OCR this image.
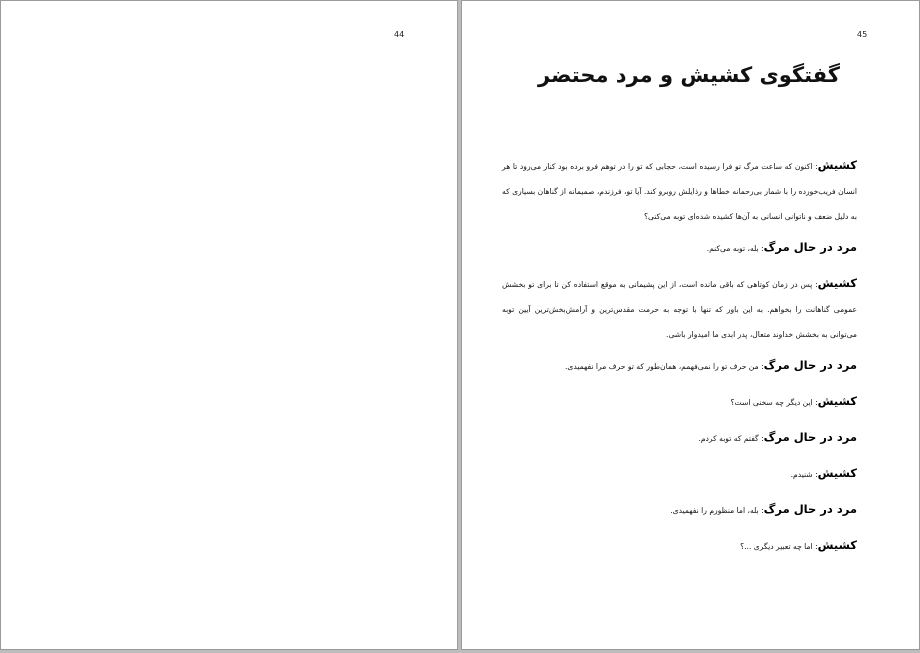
44	45
گفتگوی کشیش و مرد محتضر

کشیش: اکنون که ساعت مرگ تو فرا رسیده است، حجابی که تو را در توهم فرو برده بود کنار می‌رود تا هر انسان فریب‌خورده را با شمار بی‌رحمانه خطاها و رذایلش روبرو کند. آیا تو، فرزندم، صمیمانه از گناهان بسیاری که به دلیل ضعف و ناتوانی انسانی به آن‌ها کشیده شده‌ای توبه می‌کنی؟

مرد در حال مرگ: بله، توبه می‌کنم.

کشیش: پس در زمان کوتاهی که باقی مانده است، از این پشیمانی به موقع استفاده کن تا برای تو بخشش عمومی گناهانت را بخواهم. به این باور که تنها با توجه به حرمت مقدس‌ترین و آرامش‌بخش‌ترین آیین توبه می‌توانی به بخشش خداوند متعال، پدر ابدی ما امیدوار باشی.

مرد در حال مرگ: من حرف تو را نمی‌فهمم، همان‌طور که تو حرف مرا نفهمیدی.

کشیش: این دیگر چه سخنی است؟

مرد در حال مرگ: گفتم که توبه کردم.

کشیش: شنیدم.

مرد در حال مرگ: بله، اما منظورم را نفهمیدی.

کشیش: اما چه تعبیر دیگری ...؟
